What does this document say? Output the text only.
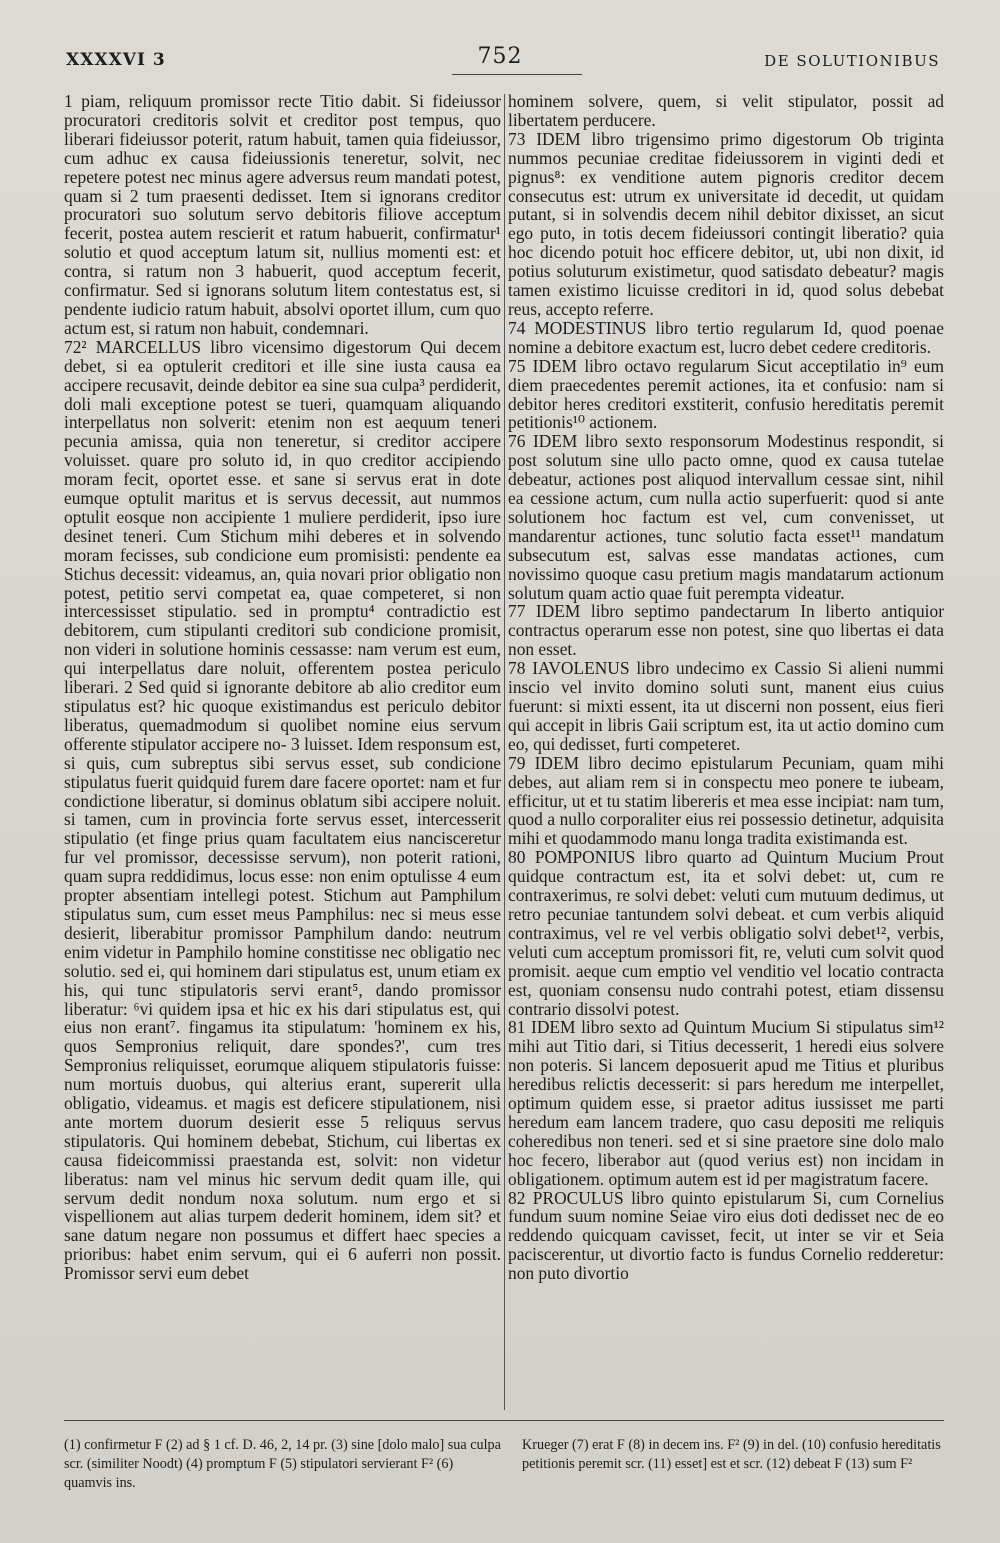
XXXXVI 3	752	DE SOLUTIONIBUS

1 piam, reliquum promissor recte Titio dabit. Si fideiussor procuratori creditoris solvit et creditor post tempus, quo liberari fideiussor poterit, ratum habuit, tamen quia fideiussor, cum adhuc ex causa fideiussionis teneretur, solvit, nec repetere potest nec minus agere adversus reum mandati potest, quam si 2 tum praesenti dedisset. Item si ignorans creditor procuratori suo solutum servo debitoris filiove acceptum fecerit, postea autem rescierit et ratum habuerit, confirmatur¹ solutio et quod acceptum latum sit, nullius momenti est: et contra, si ratum non 3 habuerit, quod acceptum fecerit, confirmatur. Sed si ignorans solutum litem contestatus est, si pendente iudicio ratum habuit, absolvi oportet illum, cum quo actum est, si ratum non habuit, condemnari.

72² MARCELLUS libro vicensimo digestorum Qui decem debet, si ea optulerit creditori et ille sine iusta causa ea accipere recusavit, deinde debitor ea sine sua culpa³ perdiderit, doli mali exceptione potest se tueri, quamquam aliquando interpellatus non solverit: etenim non est aequum teneri pecunia amissa, quia non teneretur, si creditor accipere voluisset. quare pro soluto id, in quo creditor accipiendo moram fecit, oportet esse. et sane si servus erat in dote eumque optulit maritus et is servus decessit, aut nummos optulit eosque non accipiente 1 muliere perdiderit, ipso iure desinet teneri. Cum Stichum mihi deberes et in solvendo moram fecisses, sub condicione eum promisisti: pendente ea Stichus decessit: videamus, an, quia novari prior obligatio non potest, petitio servi competat ea, quae competeret, si non intercessisset stipulatio. sed in promptu⁴ contradictio est debitorem, cum stipulanti creditori sub condicione promisit, non videri in solutione hominis cessasse: nam verum est eum, qui interpellatus dare noluit, offerentem postea periculo liberari. 2 Sed quid si ignorante debitore ab alio creditor eum stipulatus est? hic quoque existimandus est periculo debitor liberatus, quemadmodum si quolibet nomine eius servum offerente stipulator accipere no- 3 luisset. Idem responsum est, si quis, cum subreptus sibi servus esset, sub condicione stipulatus fuerit quidquid furem dare facere oportet: nam et fur condictione liberatur, si dominus oblatum sibi accipere noluit. si tamen, cum in provincia forte servus esset, intercesserit stipulatio (et finge prius quam facultatem eius nancisceretur fur vel promissor, decessisse servum), non poterit rationi, quam supra reddidimus, locus esse: non enim optulisse 4 eum propter absentiam intellegi potest. Stichum aut Pamphilum stipulatus sum, cum esset meus Pamphilus: nec si meus esse desierit, liberabitur promissor Pamphilum dando: neutrum enim videtur in Pamphilo homine constitisse nec obligatio nec solutio. sed ei, qui hominem dari stipulatus est, unum etiam ex his, qui tunc stipulatoris servi erant⁵, dando promissor liberatur: ⁶vi quidem ipsa et hic ex his dari stipulatus est, qui eius non erant⁷. fingamus ita stipulatum: 'hominem ex his, quos Sempronius reliquit, dare spondes?', cum tres Sempronius reliquisset, eorumque aliquem stipulatoris fuisse: num mortuis duobus, qui alterius erant, supererit ulla obligatio, videamus. et magis est deficere stipulationem, nisi ante mortem duorum desierit esse 5 reliquus servus stipulatoris. Qui hominem debebat, Stichum, cui libertas ex causa fideicommissi praestanda est, solvit: non videtur liberatus: nam vel minus hic servum dedit quam ille, qui servum dedit nondum noxa solutum. num ergo et si vispellionem aut alias turpem dederit hominem, idem sit? et sane datum negare non possumus et differt haec species a prioribus: habet enim servum, qui ei 6 auferri non possit. Promissor servi eum debet

hominem solvere, quem, si velit stipulator, possit ad libertatem perducere.

73 IDEM libro trigensimo primo digestorum Ob triginta nummos pecuniae creditae fideiussorem in viginti dedi et pignus⁸: ex venditione autem pignoris creditor decem consecutus est: utrum ex universitate id decedit, ut quidam putant, si in solvendis decem nihil debitor dixisset, an sicut ego puto, in totis decem fideiussori contingit liberatio? quia hoc dicendo potuit hoc efficere debitor, ut, ubi non dixit, id potius soluturum existimetur, quod satisdato debeatur? magis tamen existimo licuisse creditori in id, quod solus debebat reus, accepto referre.

74 MODESTINUS libro tertio regularum Id, quod poenae nomine a debitore exactum est, lucro debet cedere creditoris.

75 IDEM libro octavo regularum Sicut acceptilatio in⁹ eum diem praecedentes peremit actiones, ita et confusio: nam si debitor heres creditori exstiterit, confusio hereditatis peremit petitionis¹⁰ actionem.

76 IDEM libro sexto responsorum Modestinus respondit, si post solutum sine ullo pacto omne, quod ex causa tutelae debeatur, actiones post aliquod intervallum cessae sint, nihil ea cessione actum, cum nulla actio superfuerit: quod si ante solutionem hoc factum est vel, cum convenisset, ut mandarentur actiones, tunc solutio facta esset¹¹ mandatum subsecutum est, salvas esse mandatas actiones, cum novissimo quoque casu pretium magis mandatarum actionum solutum quam actio quae fuit perempta videatur.

77 IDEM libro septimo pandectarum In liberto antiquior contractus operarum esse non potest, sine quo libertas ei data non esset.

78 IAVOLENUS libro undecimo ex Cassio Si alieni nummi inscio vel invito domino soluti sunt, manent eius cuius fuerunt: si mixti essent, ita ut discerni non possent, eius fieri qui accepit in libris Gaii scriptum est, ita ut actio domino cum eo, qui dedisset, furti competeret.

79 IDEM libro decimo epistularum Pecuniam, quam mihi debes, aut aliam rem si in conspectu meo ponere te iubeam, efficitur, ut et tu statim libereris et mea esse incipiat: nam tum, quod a nullo corporaliter eius rei possessio detinetur, adquisita mihi et quodammodo manu longa tradita existimanda est.

80 POMPONIUS libro quarto ad Quintum Mucium Prout quidque contractum est, ita et solvi debet: ut, cum re contraxerimus, re solvi debet: veluti cum mutuum dedimus, ut retro pecuniae tantundem solvi debeat. et cum verbis aliquid contraximus, vel re vel verbis obligatio solvi debet¹², verbis, veluti cum acceptum promissori fit, re, veluti cum solvit quod promisit. aeque cum emptio vel venditio vel locatio contracta est, quoniam consensu nudo contrahi potest, etiam dissensu contrario dissolvi potest.

81 IDEM libro sexto ad Quintum Mucium Si stipulatus sim¹² mihi aut Titio dari, si Titius decesserit, 1 heredi eius solvere non poteris. Si lancem deposuerit apud me Titius et pluribus heredibus relictis decesserit: si pars heredum me interpellet, optimum quidem esse, si praetor aditus iussisset me parti heredum eam lancem tradere, quo casu depositi me reliquis coheredibus non teneri. sed et si sine praetore sine dolo malo hoc fecero, liberabor aut (quod verius est) non incidam in obligationem. optimum autem est id per magistratum facere.

82 PROCULUS libro quinto epistularum Si, cum Cornelius fundum suum nomine Seiae viro eius doti dedisset nec de eo reddendo quicquam cavisset, fecit, ut inter se vir et Seia paciscerentur, ut divortio facto is fundus Cornelio redderetur: non puto divortio

(1) confirmetur F (2) ad § 1 cf. D. 46, 2, 14 pr. (3) sine [dolo malo] sua culpa scr. (similiter Noodt) (4) promptum F (5) stipulatori servierant F² (6) quamvis ins.
Krueger (7) erat F (8) in decem ins. F² (9) in del. (10) confusio hereditatis petitionis peremit scr. (11) esset] est et scr. (12) debeat F (13) sum F²
